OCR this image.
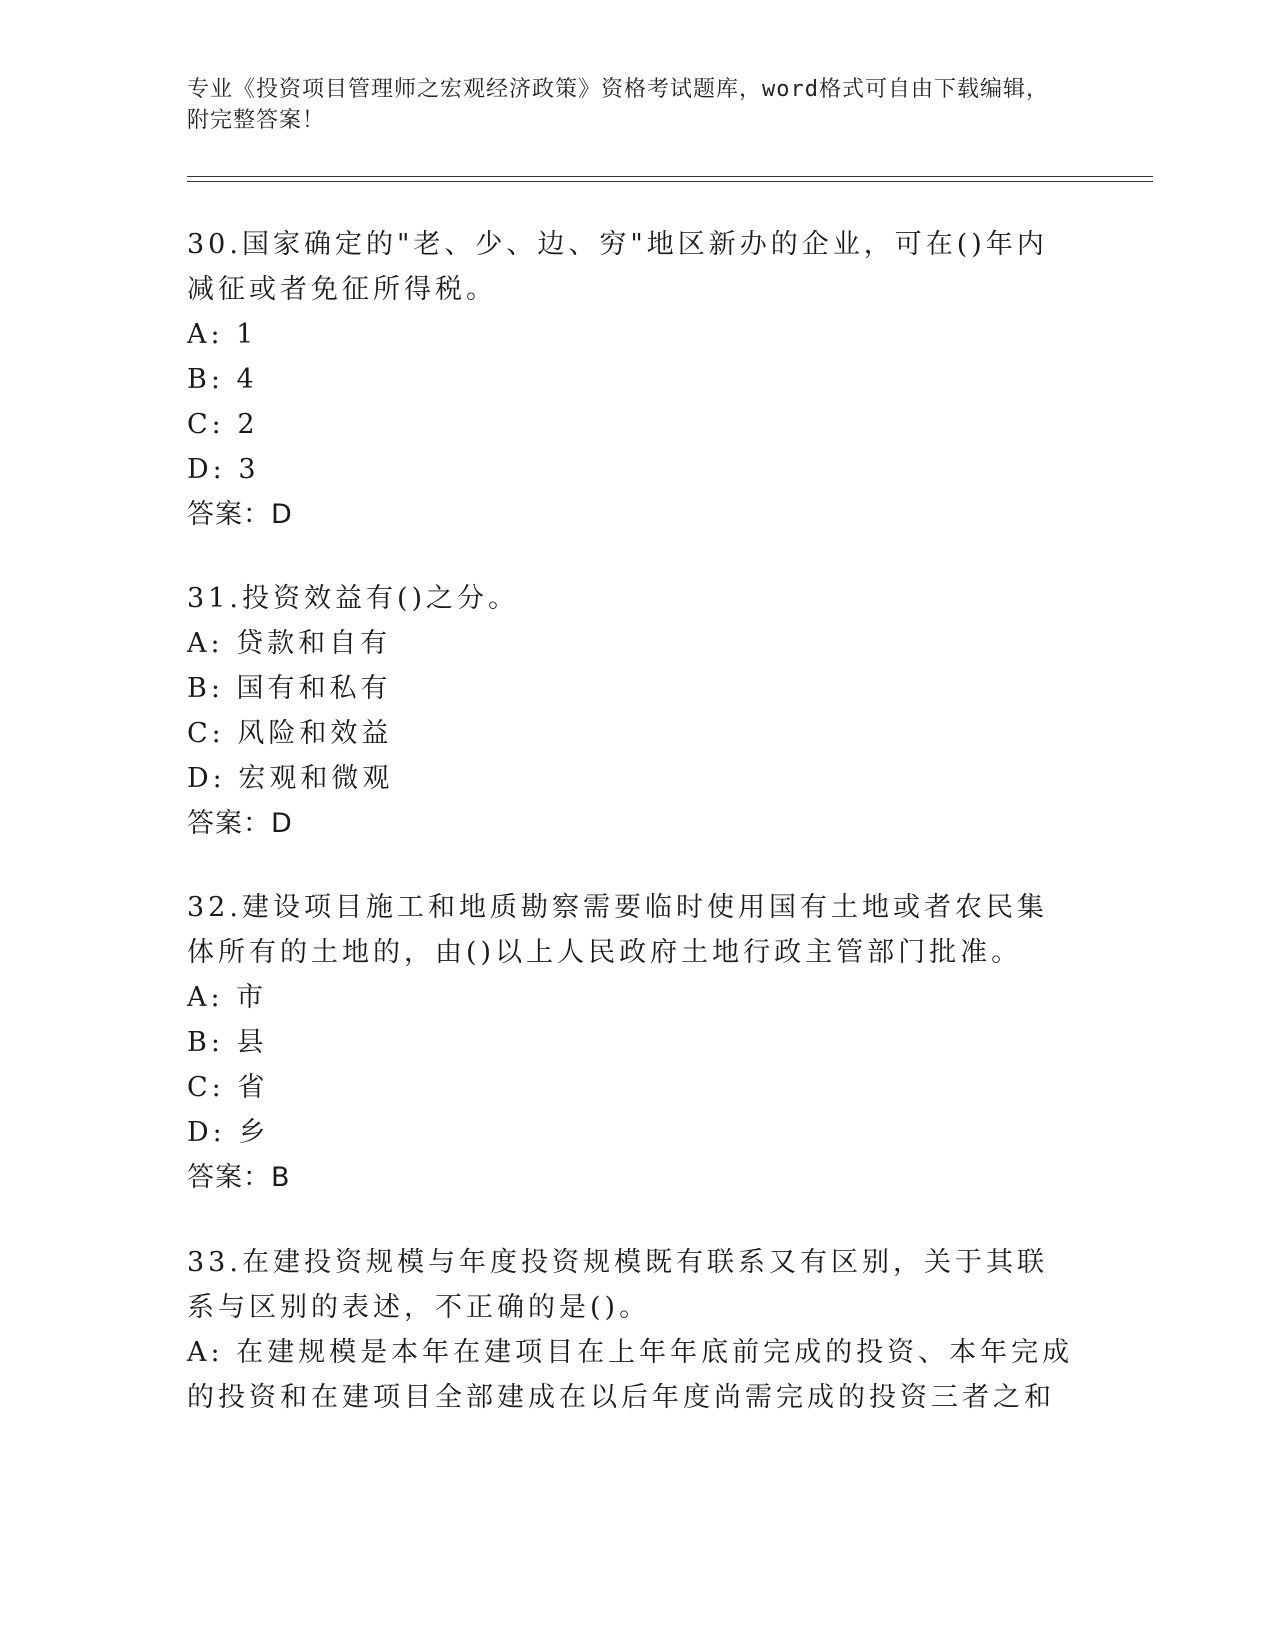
专业《投资项目管理师之宏观经济政策》资格考试题库，word格式可自由下载编辑，附完整答案！
30.国家确定的"老、少、边、穷"地区新办的企业，可在()年内减征或者免征所得税。
A: 1
B: 4
C: 2
D: 3
答案：D
31.投资效益有()之分。
A: 贷款和自有
B: 国有和私有
C: 风险和效益
D: 宏观和微观
答案：D
32.建设项目施工和地质勘察需要临时使用国有土地或者农民集体所有的土地的，由()以上人民政府土地行政主管部门批准。
A: 市
B: 县
C: 省
D: 乡
答案：B
33.在建投资规模与年度投资规模既有联系又有区别，关于其联系与区别的表述，不正确的是()。
A: 在建规模是本年在建项目在上年年底前完成的投资、本年完成的投资和在建项目全部建成在以后年度尚需完成的投资三者之和
